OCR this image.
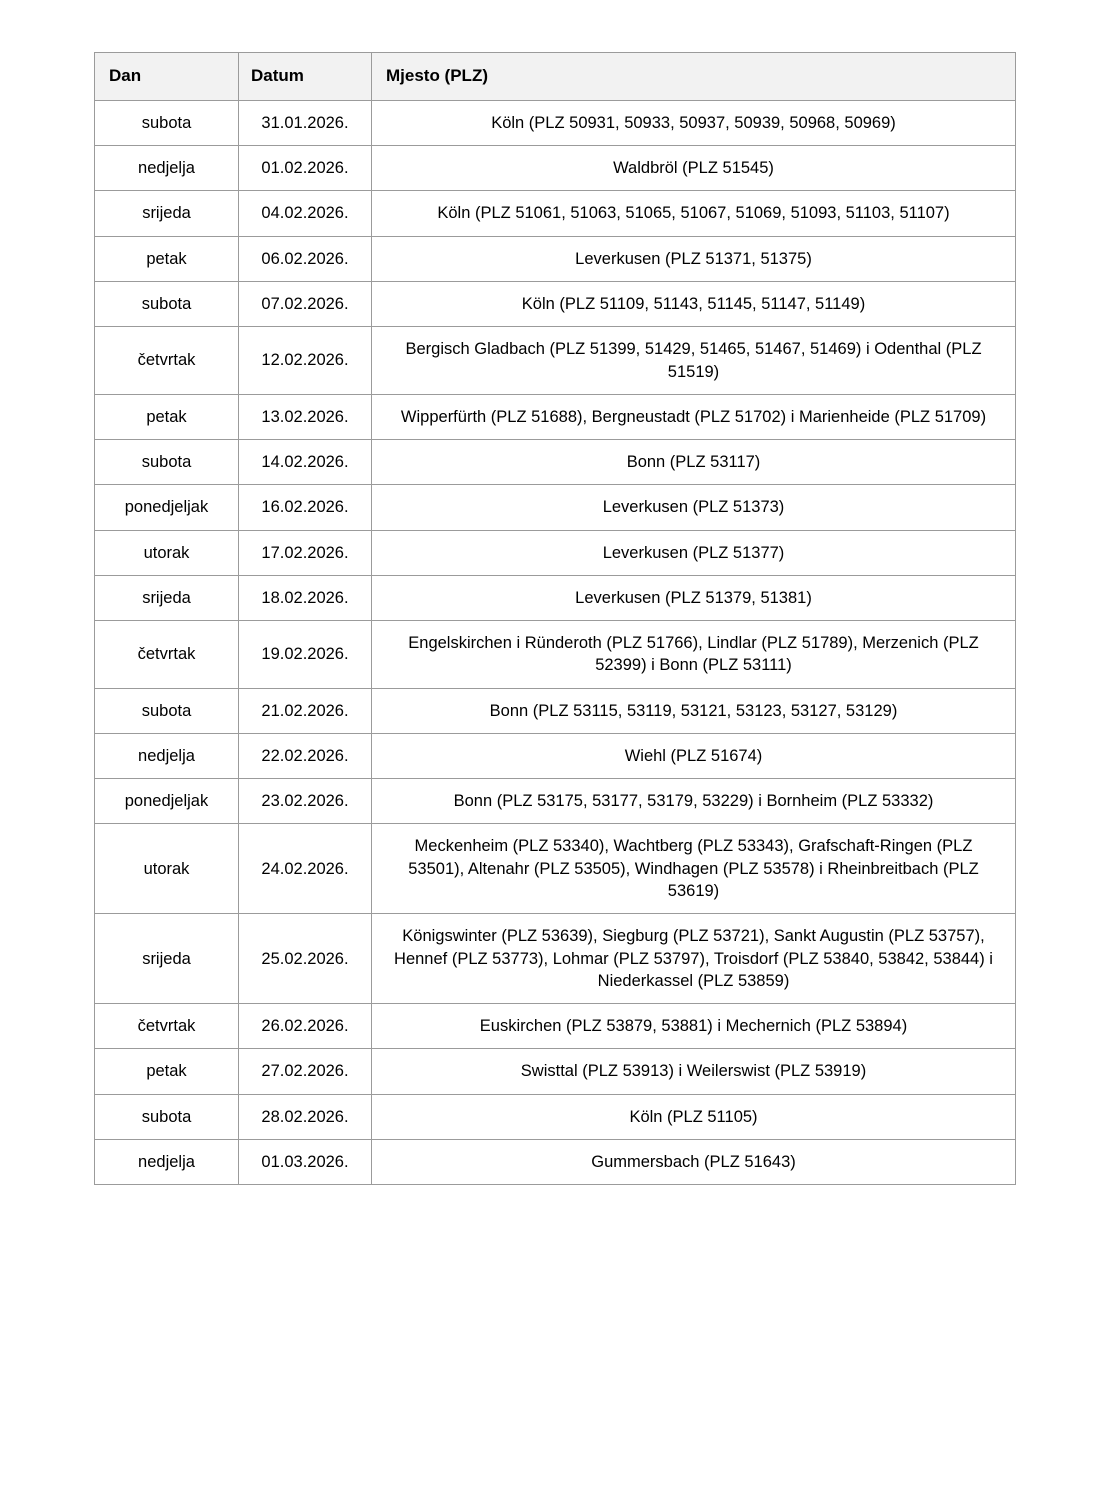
Dan	Datum	Mjesto (PLZ)
subota	31.01.2026.	Köln (PLZ 50931, 50933, 50937, 50939, 50968, 50969)
nedjelja	01.02.2026.	Waldbröl (PLZ 51545)
srijeda	04.02.2026.	Köln (PLZ 51061, 51063, 51065, 51067, 51069, 51093, 51103, 51107)
petak	06.02.2026.	Leverkusen (PLZ 51371, 51375)
subota	07.02.2026.	Köln (PLZ 51109, 51143, 51145, 51147, 51149)
četvrtak	12.02.2026.	Bergisch Gladbach (PLZ 51399, 51429, 51465, 51467, 51469) i Odenthal (PLZ 51519)
petak	13.02.2026.	Wipperfürth (PLZ 51688), Bergneustadt (PLZ 51702) i Marienheide (PLZ 51709)
subota	14.02.2026.	Bonn (PLZ 53117)
ponedjeljak	16.02.2026.	Leverkusen (PLZ 51373)
utorak	17.02.2026.	Leverkusen (PLZ 51377)
srijeda	18.02.2026.	Leverkusen (PLZ 51379, 51381)
četvrtak	19.02.2026.	Engelskirchen i Ründeroth (PLZ 51766), Lindlar (PLZ 51789), Merzenich (PLZ 52399) i Bonn (PLZ 53111)
subota	21.02.2026.	Bonn (PLZ 53115, 53119, 53121, 53123, 53127, 53129)
nedjelja	22.02.2026.	Wiehl (PLZ 51674)
ponedjeljak	23.02.2026.	Bonn (PLZ 53175, 53177, 53179, 53229) i Bornheim (PLZ 53332)
utorak	24.02.2026.	Meckenheim (PLZ 53340), Wachtberg (PLZ 53343), Grafschaft-Ringen (PLZ 53501), Altenahr (PLZ 53505), Windhagen (PLZ 53578) i Rheinbreitbach (PLZ 53619)
srijeda	25.02.2026.	Königswinter (PLZ 53639), Siegburg (PLZ 53721), Sankt Augustin (PLZ 53757), Hennef (PLZ 53773), Lohmar (PLZ 53797), Troisdorf (PLZ 53840, 53842, 53844) i Niederkassel (PLZ 53859)
četvrtak	26.02.2026.	Euskirchen (PLZ 53879, 53881) i Mechernich (PLZ 53894)
petak	27.02.2026.	Swisttal (PLZ 53913) i Weilerswist (PLZ 53919)
subota	28.02.2026.	Köln (PLZ 51105)
nedjelja	01.03.2026.	Gummersbach (PLZ 51643)
